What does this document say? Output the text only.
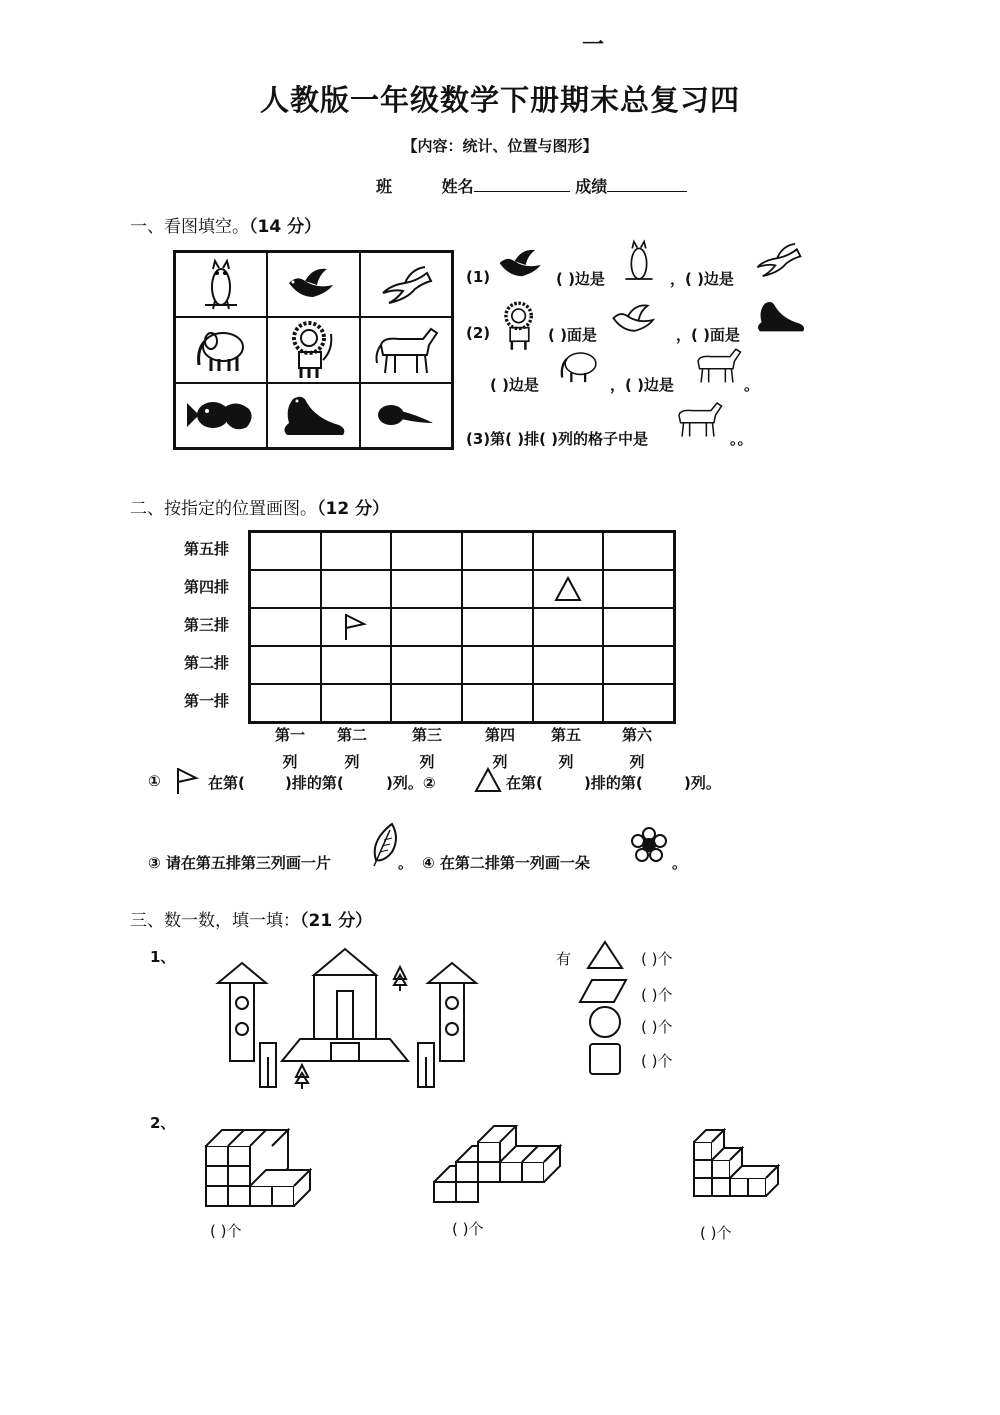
一
人教版一年级数学下册期末总复习四
【内容：统计、位置与图形】
班	姓名	成绩
一、看图填空。（14 分）
(1)	( )边是	，( )边是
(2)	( )面是	，( )面是
( )边是	，( )边是	。
(3)第( )排( )列的格子中是	。。
二、按指定的位置画图。（12 分）
第五排
第四排
第三排
第二排
第一排
第一
列
第二
列
第三
列
第四
列
第五
列
第六
列
①	在第(	)排的第(	)列。②	在第(	)排的第(	)列。
③ 请在第五排第三列画一片	。 ④ 在第二排第一列画一朵	。
三、数一数，填一填：（21 分）
1、	有	( )个
( )个
( )个
( )个
2、
( )个	( )个	( )个
